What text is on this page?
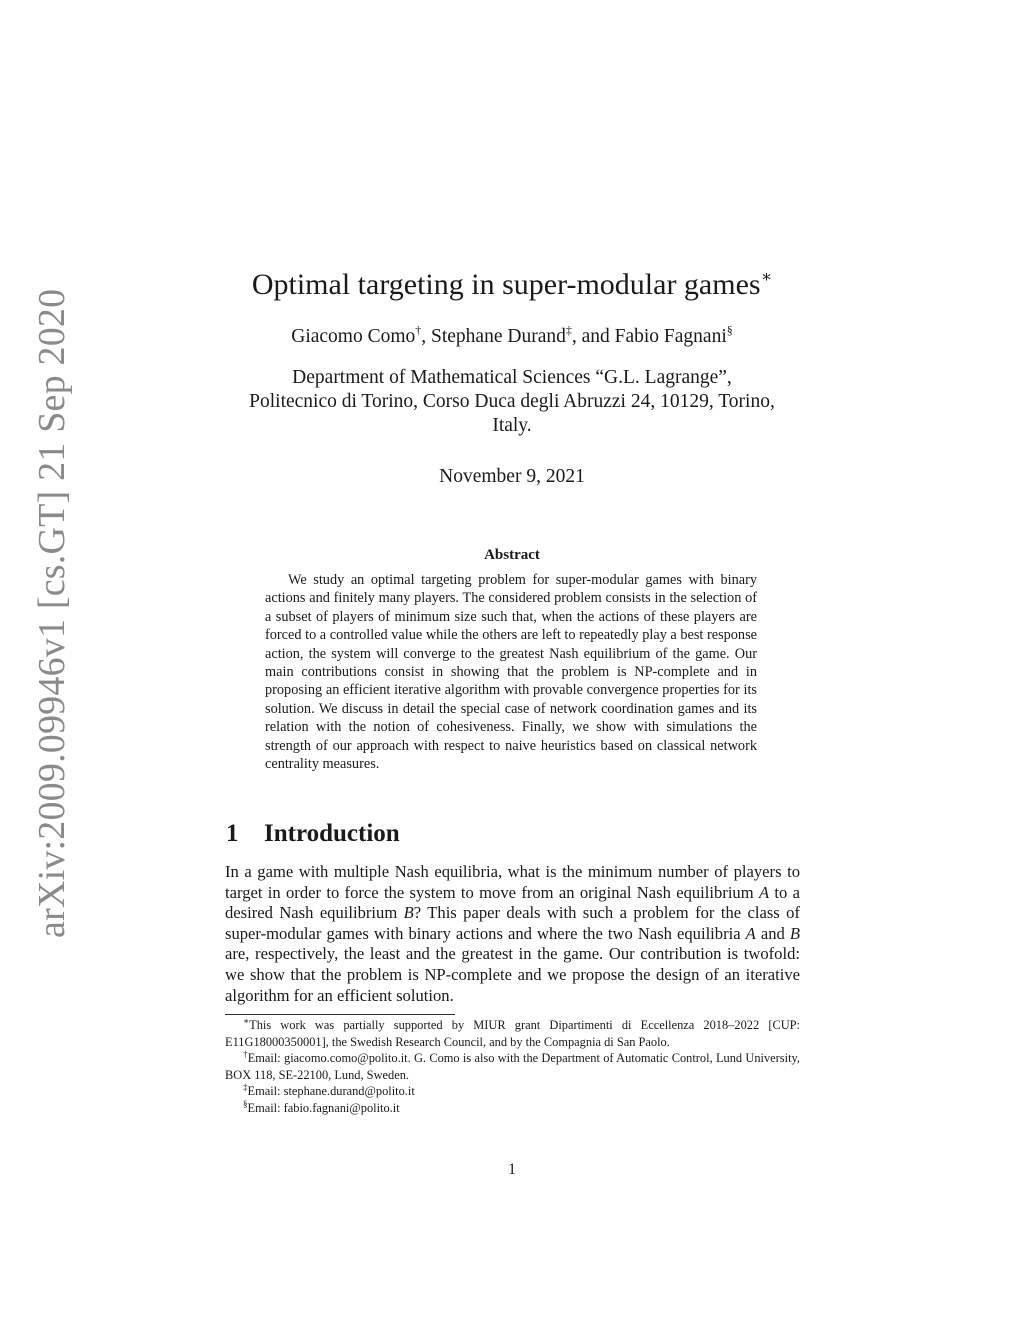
arXiv:2009.09946v1 [cs.GT] 21 Sep 2020
Optimal targeting in super-modular games∗
Giacomo Como†, Stephane Durand‡, and Fabio Fagnani§
Department of Mathematical Sciences “G.L. Lagrange”,
Politecnico di Torino, Corso Duca degli Abruzzi 24, 10129, Torino,
Italy.
November 9, 2021
Abstract

We study an optimal targeting problem for super-modular games with binary actions and finitely many players. The considered problem consists in the selection of a subset of players of minimum size such that, when the actions of these players are forced to a controlled value while the others are left to repeatedly play a best response action, the system will converge to the greatest Nash equilibrium of the game. Our main contributions consist in showing that the problem is NP-complete and in proposing an efficient iterative algorithm with provable convergence properties for its solution. We discuss in detail the special case of network coordination games and its relation with the notion of cohesiveness. Finally, we show with simulations the strength of our approach with respect to naive heuristics based on classical network centrality measures.

1 Introduction

In a game with multiple Nash equilibria, what is the minimum number of players to target in order to force the system to move from an original Nash equilibrium A to a desired Nash equilibrium B? This paper deals with such a problem for the class of super-modular games with binary actions and where the two Nash equilibria A and B are, respectively, the least and the greatest in the game. Our contribution is twofold: we show that the problem is NP-complete and we propose the design of an iterative algorithm for an efficient solution.

∗This work was partially supported by MIUR grant Dipartimenti di Eccellenza 2018–2022 [CUP: E11G18000350001], the Swedish Research Council, and by the Compagnia di San Paolo.

†Email: giacomo.como@polito.it. G. Como is also with the Department of Automatic Control, Lund University, BOX 118, SE-22100, Lund, Sweden.

‡Email: stephane.durand@polito.it

§Email: fabio.fagnani@polito.it

1
